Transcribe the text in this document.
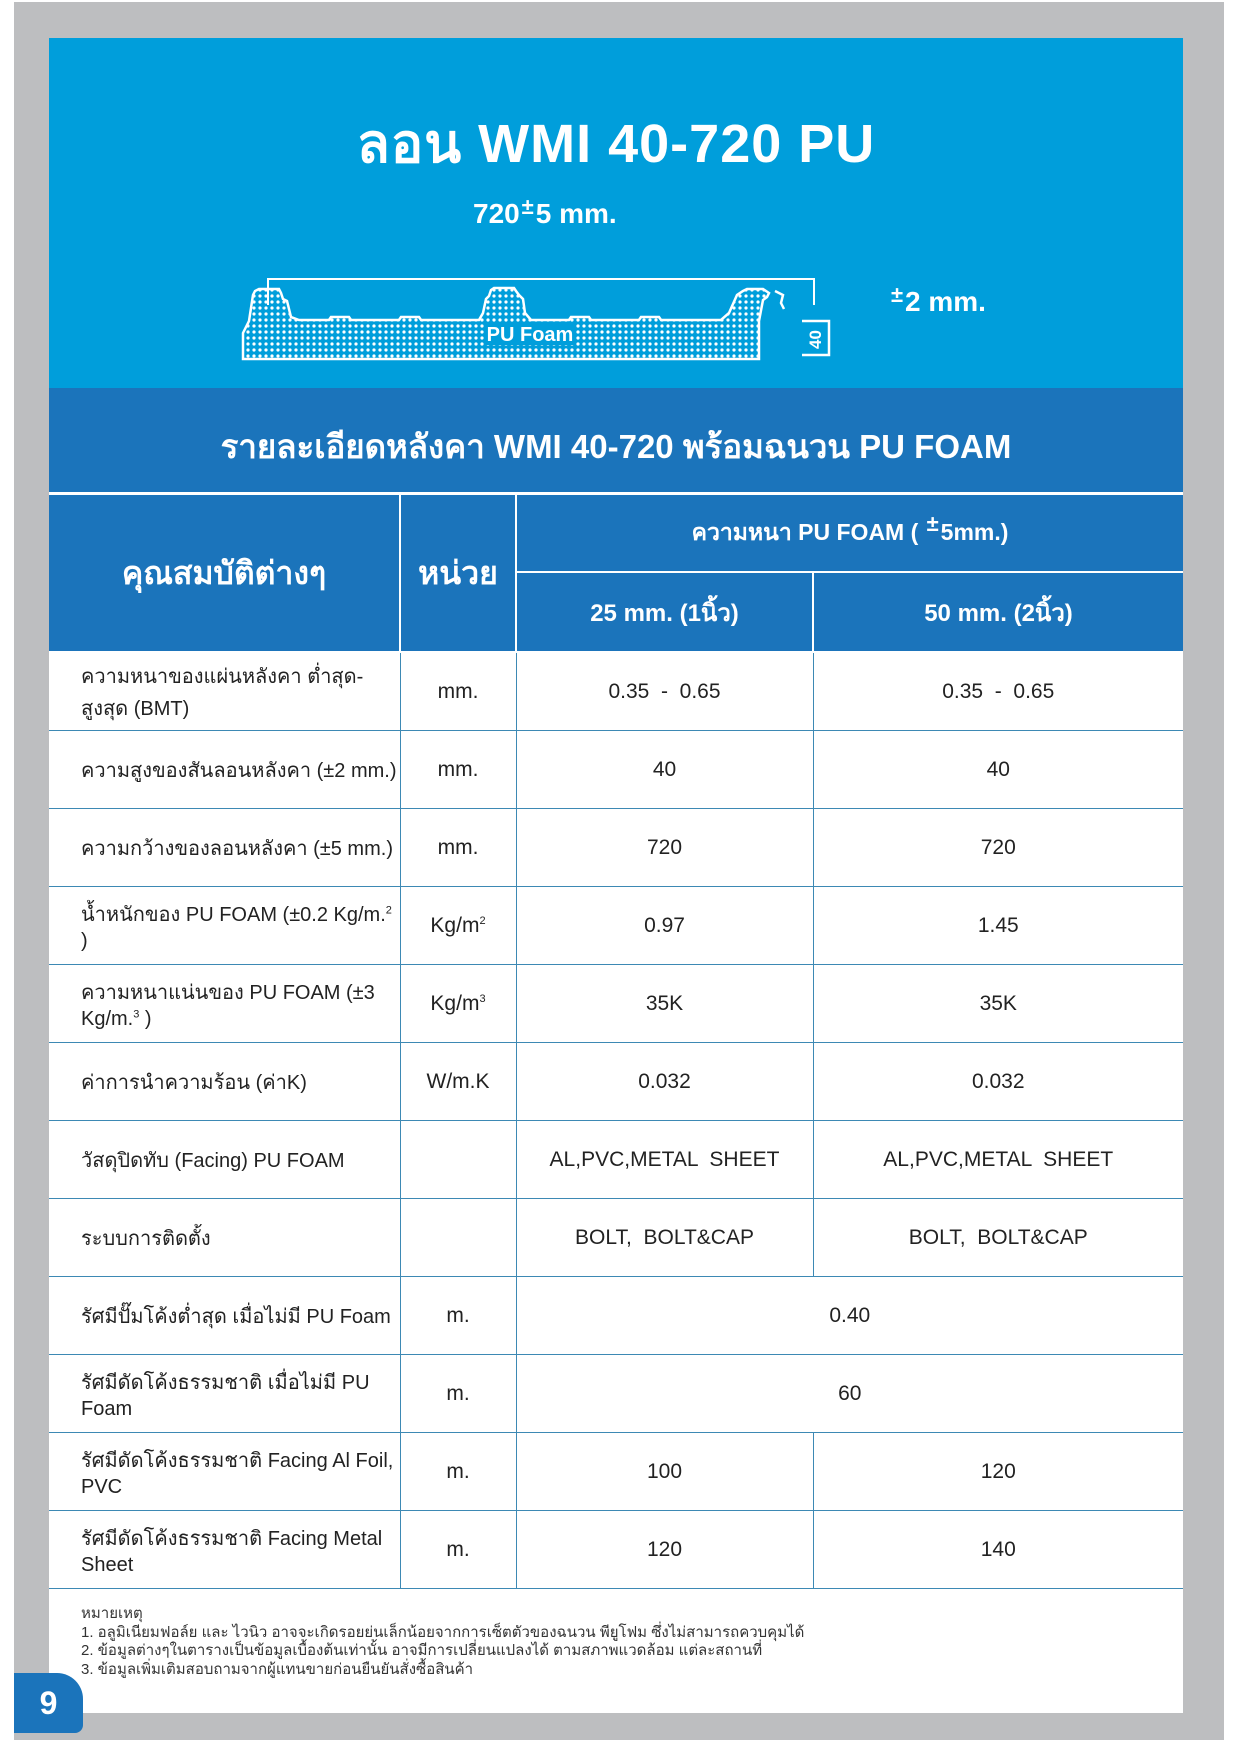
ลอน WMI 40-720 PU
720±5 mm.
PU Foam	40
±2 mm.
รายละเอียดหลังคา WMI 40-720 พร้อมฉนวน PU FOAM
คุณสมบัติต่างๆ	หน่วย	ความหนา PU FOAM ( ±5mm.)	
		25 mm. (1นิ้ว)	50 mm. (2นิ้ว)
ความหนาของแผ่นหลังคา ต่ำสุด-สูงสุด (BMT)	mm.	0.35  -  0.65	0.35  -  0.65
ความสูงของสันลอนหลังคา (±2 mm.)	mm.	40	40
ความกว้างของลอนหลังคา (±5 mm.)	mm.	720	720
น้ำหนักของ PU FOAM (±0.2 Kg/m.$^2$ )	$Kg/m^2$	0.97	1.45
ความหนาแน่นของ PU FOAM (±3 Kg/m.$^3$ )	$Kg/m^3$	35K	35K
ค่าการนำความร้อน (ค่าK)	W/m.K	0.032	0.032
วัสดุปิดทับ (Facing) PU FOAM		AL,PVC,METAL  SHEET	AL,PVC,METAL  SHEET
ระบบการติดตั้ง		BOLT,  BOLT&CAP	BOLT,  BOLT&CAP
รัศมีปั๊มโค้งต่ำสุด เมื่อไม่มี PU Foam	m.	0.40	
รัศมีดัดโค้งธรรมชาติ เมื่อไม่มี PU Foam	m.	60	
รัศมีดัดโค้งธรรมชาติ Facing Al Foil, PVC	m.	100	120
รัศมีดัดโค้งธรรมชาติ Facing Metal Sheet	m.	120	140
หมายเหตุ
1. อลูมิเนียมฟอล์ย และ ไวนิว อาจจะเกิดรอยย่นเล็กน้อยจากการเซ็ตตัวของฉนวน พียูโฟม ซึ่งไม่สามารถควบคุมได้
2. ข้อมูลต่างๆในตารางเป็นข้อมูลเบื้องต้นเท่านั้น อาจมีการเปลี่ยนแปลงได้ ตามสภาพแวดล้อม แต่ละสถานที่
3. ข้อมูลเพิ่มเติมสอบถามจากผู้แทนขายก่อนยืนยันสั่งซื้อสินค้า
9
